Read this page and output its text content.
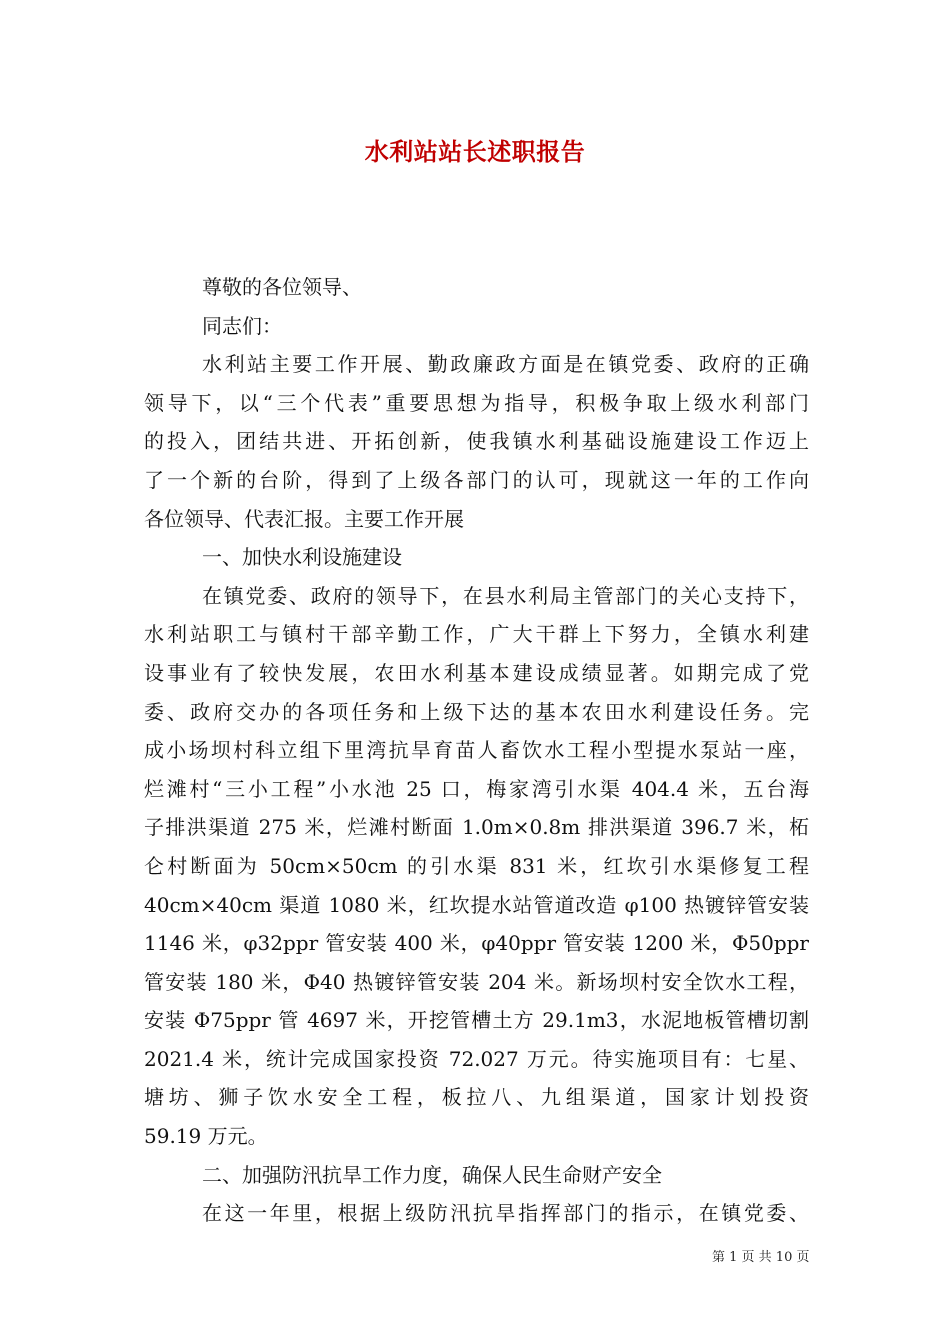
水利站站长述职报告
尊敬的各位领导、
同志们：
水利站主要工作开展、勤政廉政方面是在镇党委、政府的正确
领导下，以“三个代表”重要思想为指导，积极争取上级水利部门
的投入，团结共进、开拓创新，使我镇水利基础设施建设工作迈上
了一个新的台阶，得到了上级各部门的认可，现就这一年的工作向
各位领导、代表汇报。主要工作开展
一、加快水利设施建设
在镇党委、政府的领导下，在县水利局主管部门的关心支持下，
水利站职工与镇村干部辛勤工作，广大干群上下努力，全镇水利建
设事业有了较快发展，农田水利基本建设成绩显著。如期完成了党
委、政府交办的各项任务和上级下达的基本农田水利建设任务。完
成小场坝村科立组下里湾抗旱育苗人畜饮水工程小型提水泵站一座，
烂滩村“三小工程”小水池 25 口，梅家湾引水渠 404.4 米，五台海
子排洪渠道 275 米，烂滩村断面 1.0m×0.8m 排洪渠道 396.7 米，柘
仑村断面为 50cm×50cm 的引水渠 831 米，红坎引水渠修复工程
40cm×40cm 渠道 1080 米，红坎提水站管道改造 φ100 热镀锌管安装
1146 米，φ32ppr 管安装 400 米，φ40ppr 管安装 1200 米，Φ50ppr
管安装 180 米，Φ40 热镀锌管安装 204 米。新场坝村安全饮水工程，
安装 Φ75ppr 管 4697 米，开挖管槽土方 29.1m3，水泥地板管槽切割
2021.4 米，统计完成国家投资 72.027 万元。待实施项目有：七星、
塘坊、狮子饮水安全工程，板拉八、九组渠道，国家计划投资
59.19 万元。
二、加强防汛抗旱工作力度，确保人民生命财产安全
在这一年里，根据上级防汛抗旱指挥部门的指示，在镇党委、
第 1 页 共 10 页
